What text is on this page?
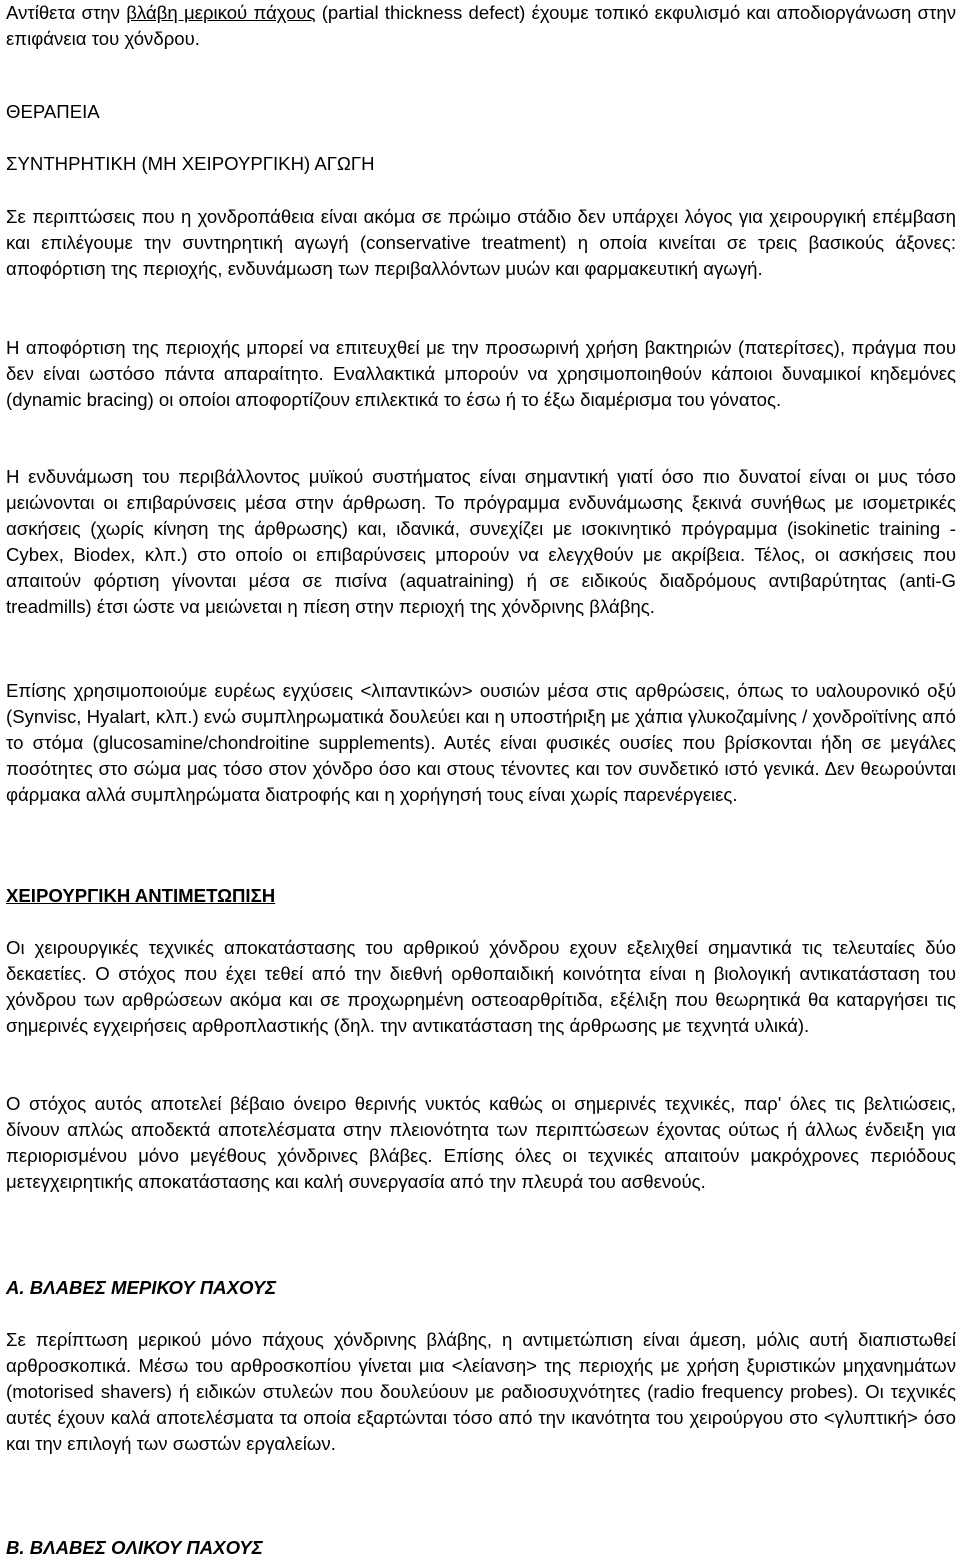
Αντίθετα στην βλάβη μερικού πάχους (partial thickness defect) έχουμε τοπικό εκφυλισμό και αποδιοργάνωση στην επιφάνεια του χόνδρου.

ΘΕΡΑΠΕΙΑ
ΣΥΝΤΗΡΗΤΙΚΗ (ΜΗ ΧΕΙΡΟΥΡΓΙΚΗ) ΑΓΩΓΗ

Σε περιπτώσεις που η χονδροπάθεια είναι ακόμα σε πρώιμο στάδιο δεν υπάρχει λόγος για χειρουργική επέμβαση και επιλέγουμε την συντηρητική αγωγή (conservative treatment) η οποία κινείται σε τρεις βασικούς άξονες: αποφόρτιση της περιοχής, ενδυνάμωση των περιβαλλόντων μυών και φαρμακευτική αγωγή.

Η αποφόρτιση της περιοχής μπορεί να επιτευχθεί με την προσωρινή χρήση βακτηριών (πατερίτσες), πράγμα που δεν είναι ωστόσο πάντα απαραίτητο. Εναλλακτικά μπορούν να χρησιμοποιηθούν κάποιοι δυναμικοί κηδεμόνες (dynamic bracing) οι οποίοι αποφορτίζουν επιλεκτικά το έσω ή το έξω διαμέρισμα του γόνατος.

Η ενδυνάμωση του περιβάλλοντος μυϊκού συστήματος είναι σημαντική γιατί όσο πιο δυνατοί είναι οι μυς τόσο μειώνονται οι επιβαρύνσεις μέσα στην άρθρωση. Το πρόγραμμα ενδυνάμωσης ξεκινά συνήθως με ισομετρικές ασκήσεις (χωρίς κίνηση της άρθρωσης) και, ιδανικά, συνεχίζει με ισοκινητικό πρόγραμμα (isokinetic training - Cybex, Biodex, κλπ.) στο οποίο οι επιβαρύνσεις μπορούν να ελεγχθούν με ακρίβεια. Τέλος, οι ασκήσεις που απαιτούν φόρτιση γίνονται μέσα σε πισίνα (aquatraining) ή σε ειδικούς διαδρόμους αντιβαρύτητας (anti-G treadmills) έτσι ώστε να μειώνεται η πίεση στην περιοχή της χόνδρινης βλάβης.

Επίσης χρησιμοποιούμε ευρέως εγχύσεις <λιπαντικών> ουσιών μέσα στις αρθρώσεις, όπως το υαλουρονικό οξύ (Synvisc, Hyalart, κλπ.) ενώ συμπληρωματικά δουλεύει και η υποστήριξη με χάπια γλυκοζαμίνης / χονδροϊτίνης από το στόμα (glucosamine/chondroitine supplements). Αυτές είναι φυσικές ουσίες που βρίσκονται ήδη σε μεγάλες ποσότητες στο σώμα μας τόσο στον χόνδρο όσο και στους τένοντες και τον συνδετικό ιστό γενικά. Δεν θεωρούνται φάρμακα αλλά συμπληρώματα διατροφής και η χορήγησή τους είναι χωρίς παρενέργειες.

ΧΕΙΡΟΥΡΓΙΚΗ ΑΝΤΙΜΕΤΩΠΙΣΗ

Οι χειρουργικές τεχνικές αποκατάστασης του αρθρικού χόνδρου εχουν εξελιχθεί σημαντικά τις τελευταίες δύο δεκαετίες. Ο στόχος που έχει τεθεί από την διεθνή ορθοπαιδική κοινότητα είναι η βιολογική αντικατάσταση του χόνδρου των αρθρώσεων ακόμα και σε προχωρημένη οστεοαρθρίτιδα, εξέλιξη που θεωρητικά θα καταργήσει τις σημερινές εγχειρήσεις αρθροπλαστικής (δηλ. την αντικατάσταση της άρθρωσης με τεχνητά υλικά).

Ο στόχος αυτός αποτελεί βέβαιο όνειρο θερινής νυκτός καθώς οι σημερινές τεχνικές, παρ' όλες τις βελτιώσεις, δίνουν απλώς αποδεκτά αποτελέσματα στην πλειονότητα των περιπτώσεων έχοντας ούτως ή άλλως ένδειξη για περιορισμένου μόνο μεγέθους χόνδρινες βλάβες. Επίσης όλες οι τεχνικές απαιτούν μακρόχρονες περιόδους μετεγχειρητικής αποκατάστασης και καλή συνεργασία από την πλευρά του ασθενούς.

Α. ΒΛΑΒΕΣ ΜΕΡΙΚΟΥ ΠΑΧΟΥΣ

Σε περίπτωση μερικού μόνο πάχους χόνδρινης βλάβης, η αντιμετώπιση είναι άμεση, μόλις αυτή διαπιστωθεί αρθροσκοπικά. Μέσω του αρθροσκοπίου γίνεται μια <λείανση> της περιοχής με χρήση ξυριστικών μηχανημάτων (motorised shavers) ή ειδικών στυλεών που δουλεύουν με ραδιοσυχνότητες (radio frequency probes). Οι τεχνικές αυτές έχουν καλά αποτελέσματα τα οποία εξαρτώνται τόσο από την ικανότητα του χειρούργου στο <γλυπτική> όσο και την επιλογή των σωστών εργαλείων.

Β. ΒΛΑΒΕΣ ΟΛΙΚΟΥ ΠΑΧΟΥΣ
